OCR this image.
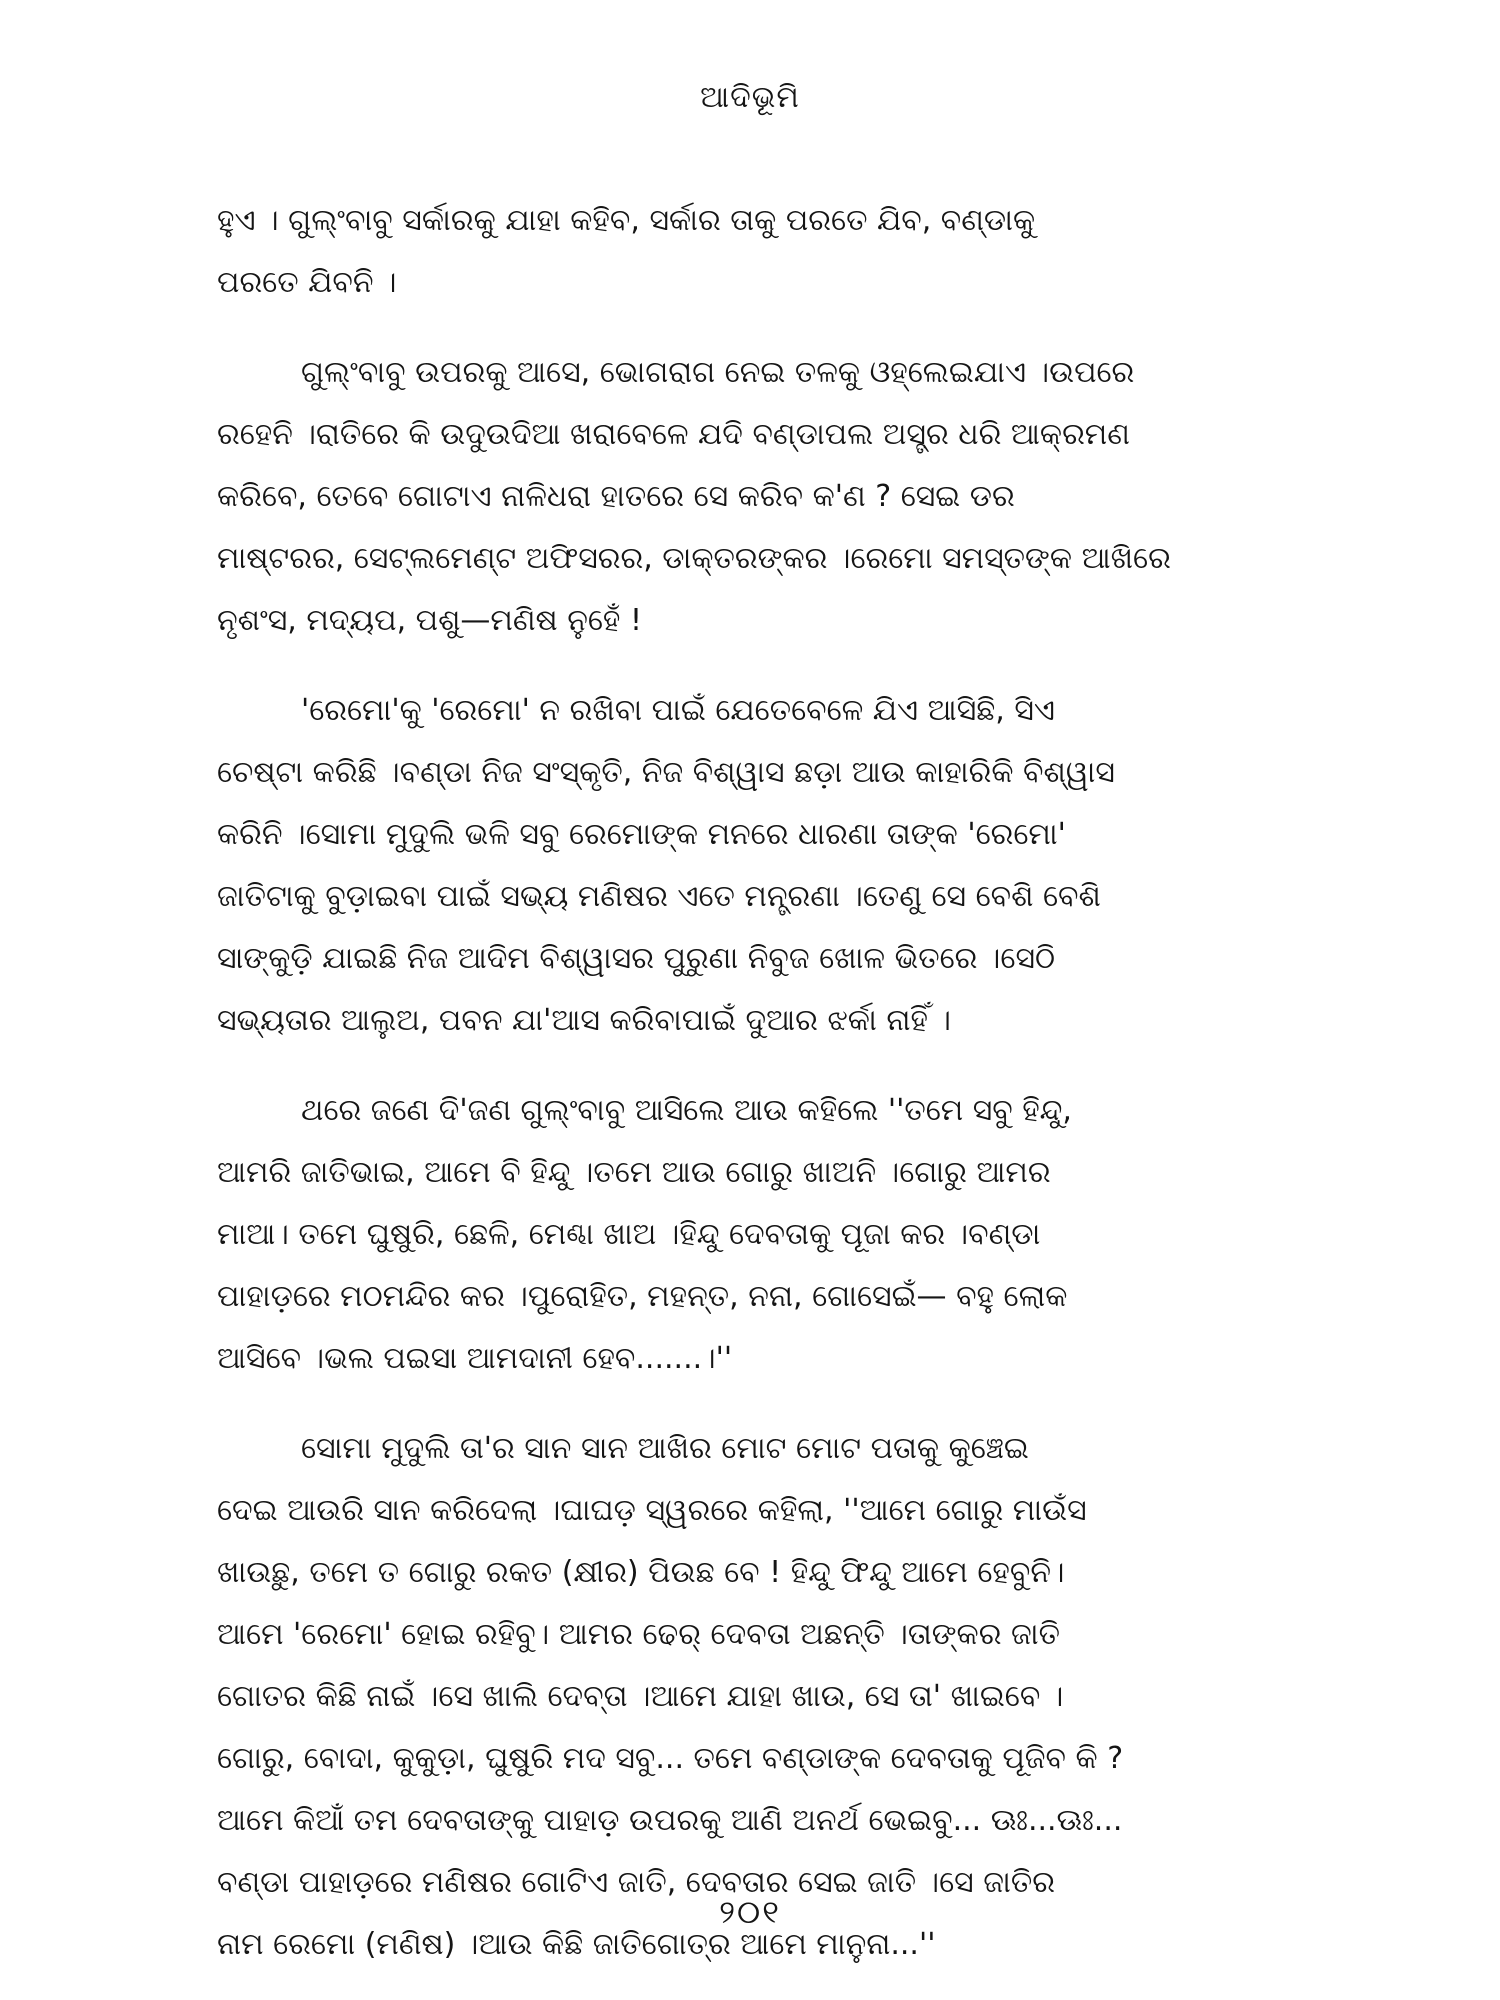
ଆଦିଭୂମି

ହୁଏ । ଗୁଲ୍‌ଂବାବୁ ସର୍କାରକୁ ଯାହା କହିବ, ସର୍କାର ତାକୁ ପରତେ ଯିବ, ବଣ୍ଡାକୁ
ପରତେ ଯିବନି ।

ଗୁଲ୍‌ଂବାବୁ ଉପରକୁ ଆସେ, ଭୋଗରାଗ ନେଇ ତଳକୁ ଓହ୍ଲେଇଯାଏ ।ଉପରେ
ରହେନି ।ରାତିରେ କି ଉଦୁଉଦିଆ ଖରାବେଳେ ଯଦି ବଣ୍ଡାପଲ ଅସ୍ତ୍ର ଧରି ଆକ୍ରମଣ
କରିବେ, ତେବେ ଗୋଟାଏ ନାଳିଧରା ହାତରେ ସେ କରିବ କ'ଣ ? ସେଇ ଡର
ମାଷ୍ଟରର, ସେଟ୍‌ଲମେଣ୍ଟ ଅଫିସରର, ଡାକ୍ତରଙ୍କର ।ରେମୋ ସମସ୍ତଙ୍କ ଆଖିରେ
ନୃଶଂସ, ମଦ୍ୟପ, ପଶୁ—ମଣିଷ ନୁହେଁ !

'ରେମୋ'କୁ 'ରେମୋ' ନ ରଖିବା ପାଇଁ ଯେତେବେଳେ ଯିଏ ଆସିଛି, ସିଏ
ଚେଷ୍ଟା କରିଛି ।ବଣ୍ଡା ନିଜ ସଂସ୍କୃତି, ନିଜ ବିଶ୍ୱାସ ଛଡ଼ା ଆଉ କାହାରିକି ବିଶ୍ୱାସ
କରିନି ।ସୋମା ମୁଦୁଲି ଭଳି ସବୁ ରେମୋଙ୍କ ମନରେ ଧାରଣା ତାଙ୍କ 'ରେମୋ'
ଜାତିଟାକୁ ବୁଡ଼ାଇବା ପାଇଁ ସଭ୍ୟ ମଣିଷର ଏତେ ମନ୍ତ୍ରଣା ।ତେଣୁ ସେ ବେଶି ବେଶି
ସାଙ୍କୁଡ଼ି ଯାଇଛି ନିଜ ଆଦିମ ବିଶ୍ୱାସର ପୁରୁଣା ନିବୁଜ ଖୋଳ ଭିତରେ ।ସେଠି
ସଭ୍ୟତାର ଆଲୁଅ, ପବନ ଯା'ଆସ କରିବାପାଇଁ ଦୁଆର ଝର୍କା ନାହିଁ ।

ଥରେ ଜଣେ ଦି'ଜଣ ଗୁଲ୍‌ଂବାବୁ ଆସିଲେ ଆଉ କହିଲେ ''ତମେ ସବୁ ହିନ୍ଦୁ,
ଆମରି ଜାତିଭାଇ, ଆମେ ବି ହିନ୍ଦୁ ।ତମେ ଆଉ ଗୋରୁ ଖାଅନି ।ଗୋରୁ ଆମର
ମାଆ। ତମେ ଘୁଷୁରି, ଛେଳି, ମେଣ୍ଢା ଖାଅ ।ହିନ୍ଦୁ ଦେବତାକୁ ପୂଜା କର ।ବଣ୍ଡା
ପାହାଡ଼ରେ ମଠମନ୍ଦିର କର ।ପୁରୋହିତ, ମହନ୍ତ, ନନା, ଗୋସେଇଁ— ବହୁ ଲୋକ
ଆସିବେ ।ଭଲ ପଇସା ଆମଦାନୀ ହେବ.......।''

ସୋମା ମୁଦୁଲି ତା'ର ସାନ ସାନ ଆଖିର ମୋଟ ମୋଟ ପତାକୁ କୁଞ୍ଚେଇ
ଦେଇ ଆଉରି ସାନ କରିଦେଲା ।ଘାଘଡ଼ ସ୍ୱରରେ କହିଲା, ''ଆମେ ଗୋରୁ ମାଉଁସ
ଖାଉଛୁ, ତମେ ତ ଗୋରୁ ରକତ (କ୍ଷୀର) ପିଉଛ ବେ ! ହିନ୍ଦୁ ଫିନ୍ଦୁ ଆମେ ହେବୁନି।
ଆମେ 'ରେମୋ' ହୋଇ ରହିବୁ। ଆମର ଢେର୍ ଦେବତା ଅଛନ୍ତି ।ତାଙ୍କର ଜାତି
ଗୋତର କିଛି ନାଇଁ ।ସେ ଖାଲି ଦେବ୍‌ତା ।ଆମେ ଯାହା ଖାଉ, ସେ ତା' ଖାଇବେ ।
ଗୋରୁ, ବୋଦା, କୁକୁଡ଼ା, ଘୁଷୁରି ମଦ ସବୁ... ତମେ ବଣ୍ଡାଙ୍କ ଦେବତାକୁ ପୂଜିବ କି ?
ଆମେ କିଆଁ ତମ ଦେବତାଙ୍କୁ ପାହାଡ଼ ଉପରକୁ ଆଣି ଅନର୍ଥ ଭେଇବୁ... ଊଃ...ଊଃ...
ବଣ୍ଡା ପାହାଡ଼ରେ ମଣିଷର ଗୋଟିଏ ଜାତି, ଦେବତାର ସେଇ ଜାତି ।ସେ ଜାତିର
ନାମ ରେମୋ (ମଣିଷ) ।ଆଉ କିଛି ଜାତିଗୋତ୍ର ଆମେ ମାନୁନା...''

୨୦୧
